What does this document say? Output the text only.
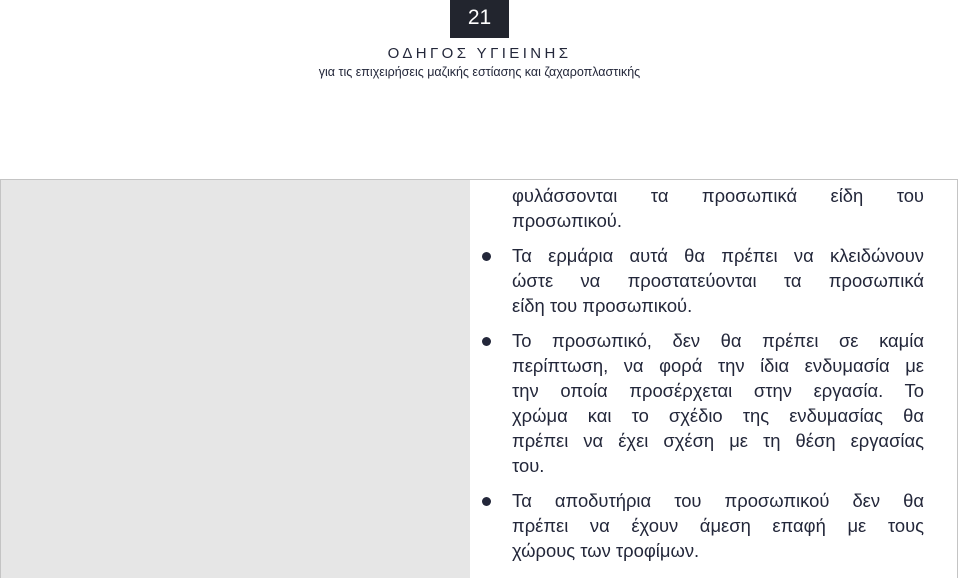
21
ΟΔΗΓΟΣ ΥΓΙΕΙΝΗΣ
για τις επιχειρήσεις μαζικής εστίασης και ζαχαροπλαστικής
φυλάσσονται τα προσωπικά είδη του
προσωπικού.
Τα ερμάρια αυτά θα πρέπει να κλειδώνουν
ώστε να προστατεύονται τα προσωπικά
είδη του προσωπικού.
Το προσωπικό, δεν θα πρέπει σε καμία
περίπτωση, να φορά την ίδια ενδυμασία με
την οποία προσέρχεται στην εργασία. Το
χρώμα και το σχέδιο της ενδυμασίας θα
πρέπει να έχει σχέση με τη θέση εργασίας
του.
Τα αποδυτήρια του προσωπικού δεν θα
πρέπει να έχουν άμεση επαφή με τους
χώρους των τροφίμων.
